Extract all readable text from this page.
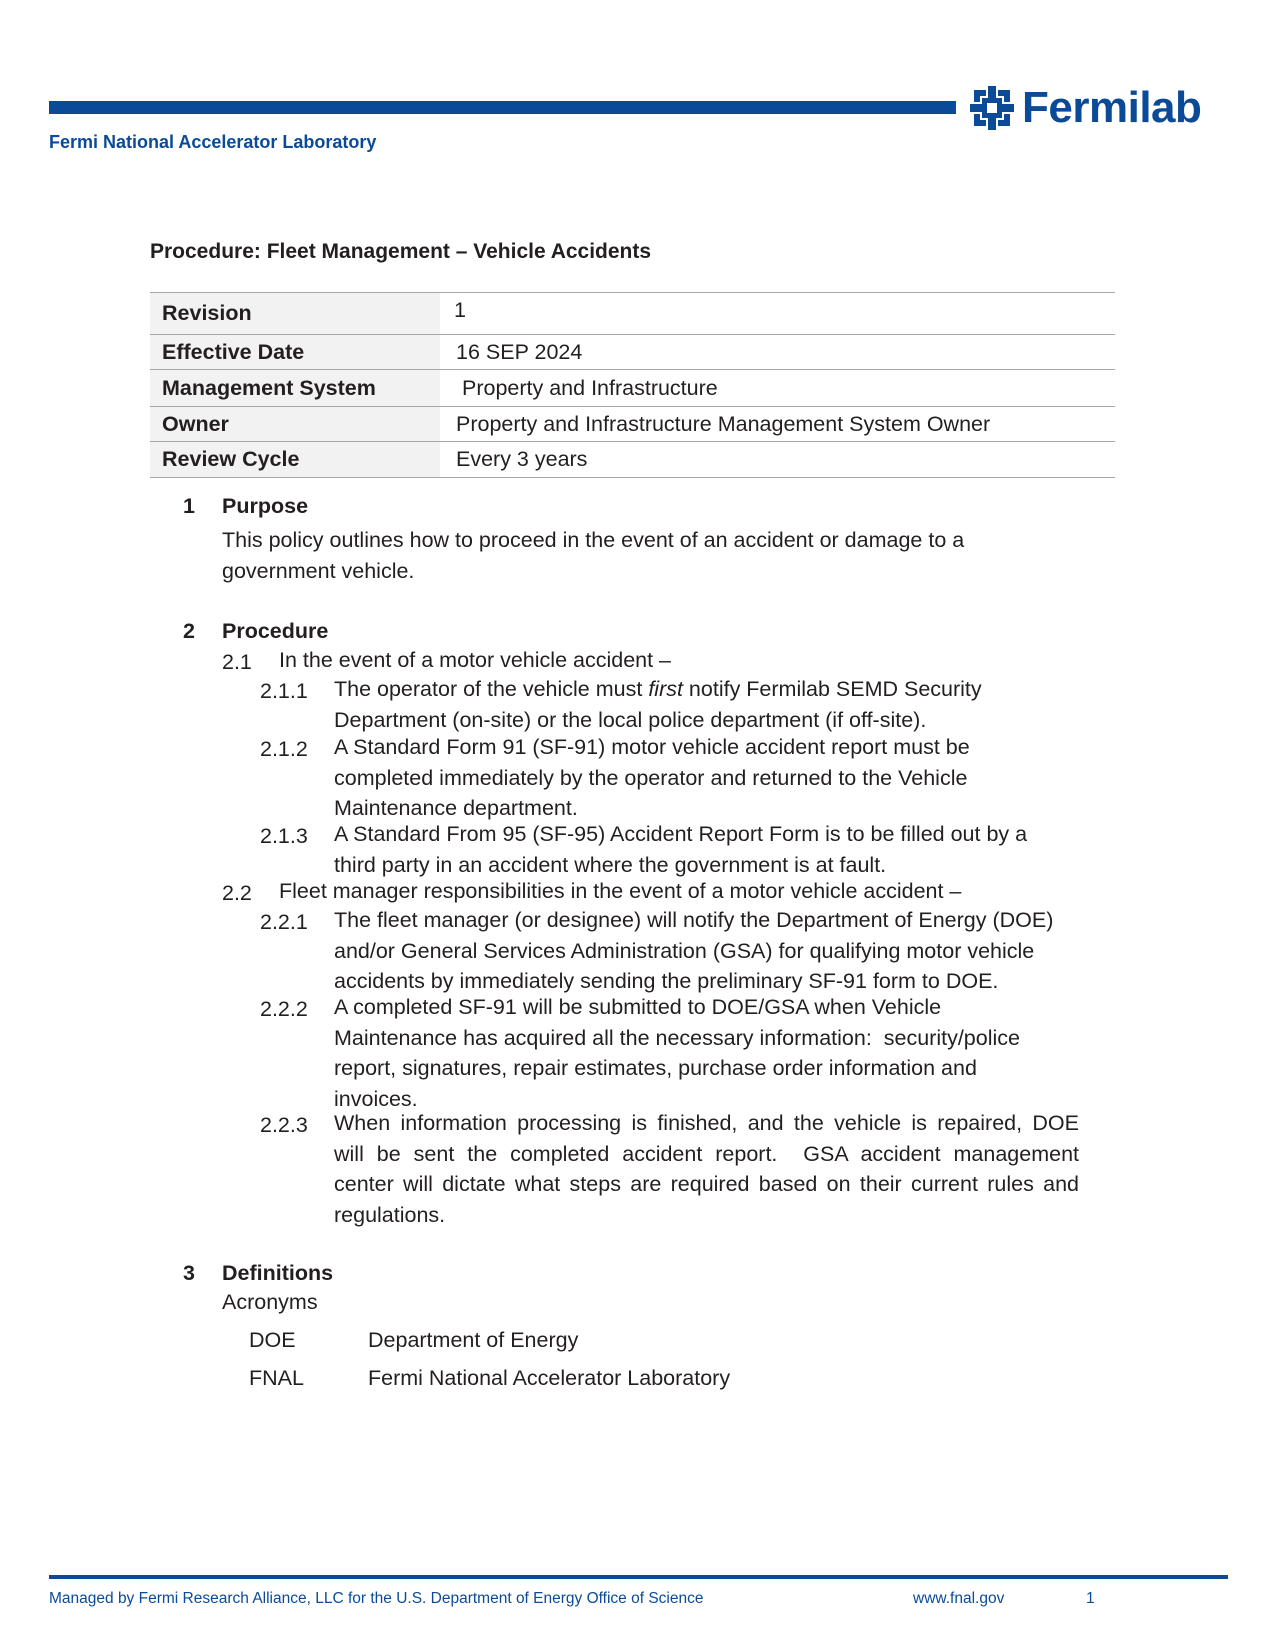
Fermilab
Fermi National Accelerator Laboratory
Procedure: Fleet Management – Vehicle Accidents
Revision	1
Effective Date	16 SEP 2024
Management System	Property and Infrastructure
Owner	Property and Infrastructure Management System Owner
Review Cycle	Every 3 years
1 Purpose
This policy outlines how to proceed in the event of an accident or damage to a
government vehicle.
2 Procedure
2.1 In the event of a motor vehicle accident –
2.1.1 The operator of the vehicle must first notify Fermilab SEMD Security
Department (on-site) or the local police department (if off-site).
2.1.2 A Standard Form 91 (SF-91) motor vehicle accident report must be
completed immediately by the operator and returned to the Vehicle
Maintenance department.
2.1.3 A Standard From 95 (SF-95) Accident Report Form is to be filled out by a
third party in an accident where the government is at fault.
2.2 Fleet manager responsibilities in the event of a motor vehicle accident –
2.2.1 The fleet manager (or designee) will notify the Department of Energy (DOE)
and/or General Services Administration (GSA) for qualifying motor vehicle
accidents by immediately sending the preliminary SF-91 form to DOE.
2.2.2 A completed SF-91 will be submitted to DOE/GSA when Vehicle
Maintenance has acquired all the necessary information:  security/police
report, signatures, repair estimates, purchase order information and
invoices.
2.2.3 When information processing is finished, and the vehicle is repaired, DOE
will be sent the completed accident report.  GSA accident management
center will dictate what steps are required based on their current rules and
regulations.
3 Definitions
Acronyms
DOE	Department of Energy
FNAL	Fermi National Accelerator Laboratory
Managed by Fermi Research Alliance, LLC for the U.S. Department of Energy Office of Science	www.fnal.gov	1
